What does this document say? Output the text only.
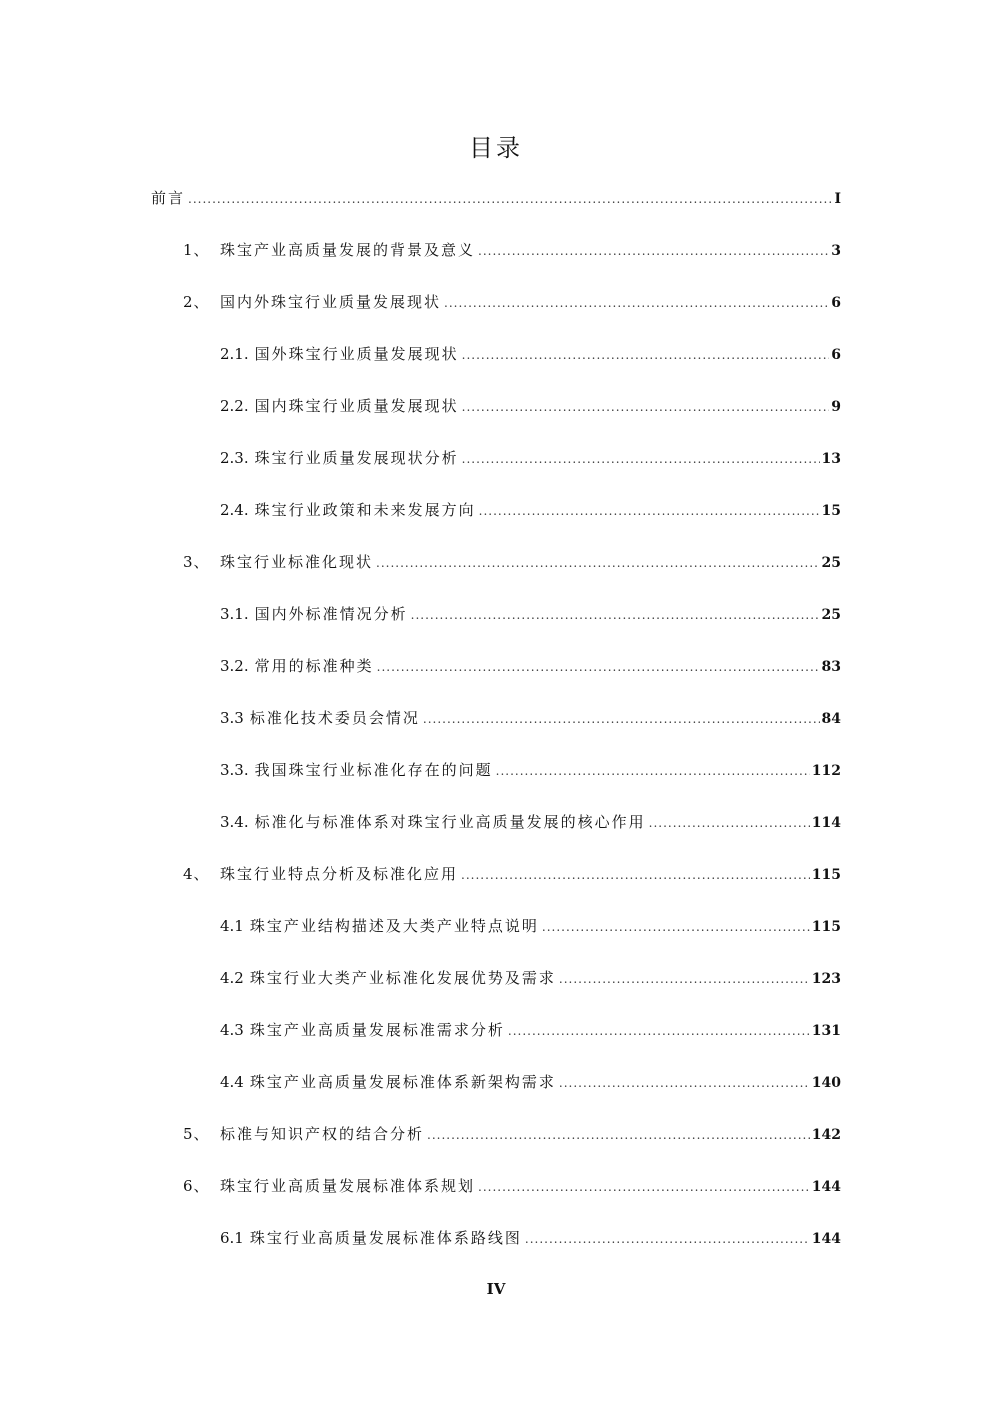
目录
前言 .....	I
1、 珠宝产业高质量发展的背景及意义 .....	3
2、 国内外珠宝行业质量发展现状 .....	6
2.1. 国外珠宝行业质量发展现状 .....	6
2.2. 国内珠宝行业质量发展现状 .....	9
2.3. 珠宝行业质量发展现状分析 .....	13
2.4. 珠宝行业政策和未来发展方向 .....	15
3、 珠宝行业标准化现状 .....	25
3.1. 国内外标准情况分析 .....	25
3.2. 常用的标准种类 .....	83
3.3 标准化技术委员会情况 .....	84
3.3. 我国珠宝行业标准化存在的问题 .....	112
3.4. 标准化与标准体系对珠宝行业高质量发展的核心作用 .....	114
4、 珠宝行业特点分析及标准化应用 .....	115
4.1 珠宝产业结构描述及大类产业特点说明 .....	115
4.2 珠宝行业大类产业标准化发展优势及需求 .....	123
4.3 珠宝产业高质量发展标准需求分析 .....	131
4.4 珠宝产业高质量发展标准体系新架构需求 .....	140
5、 标准与知识产权的结合分析 .....	142
6、 珠宝行业高质量发展标准体系规划 .....	144
6.1 珠宝行业高质量发展标准体系路线图 .....	144
IV
